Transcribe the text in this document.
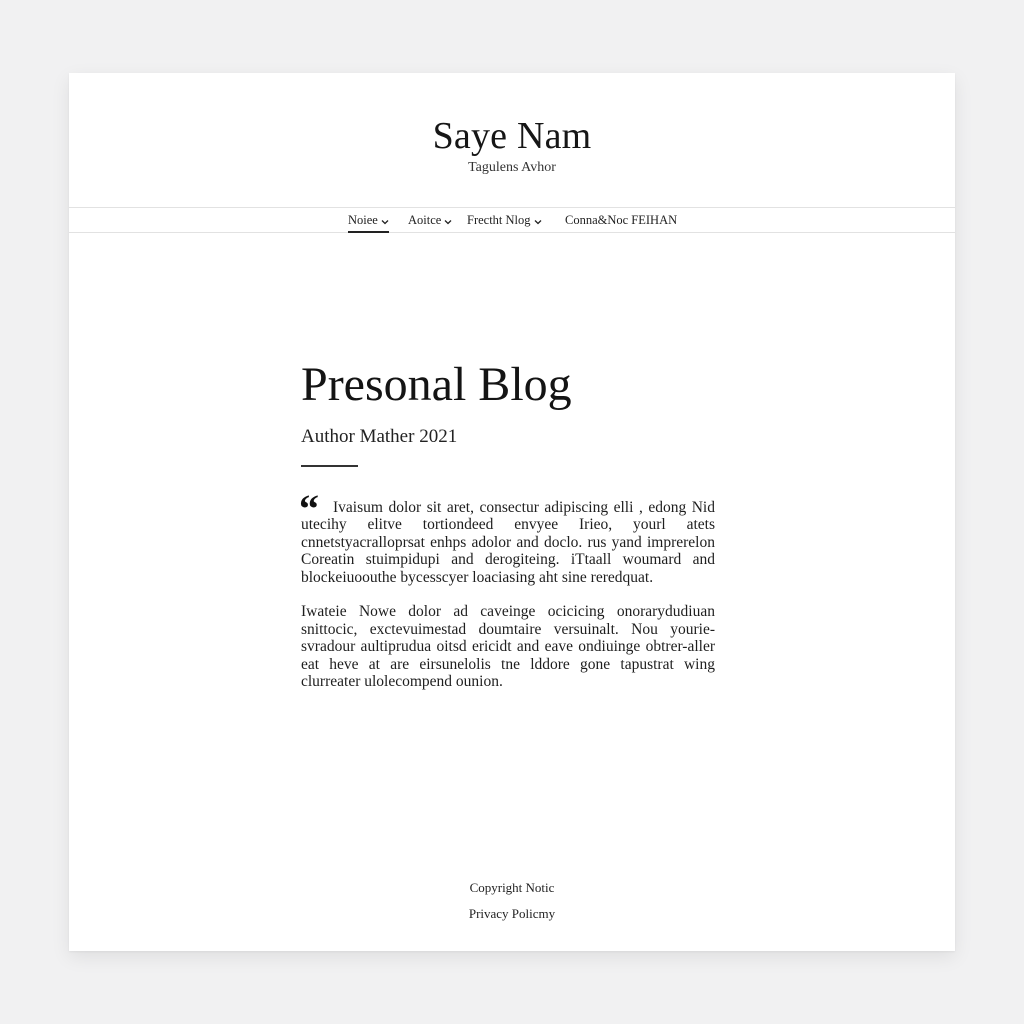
Saye Nam
Tagulens Avhor
Noiee	Aoitce	Frectht Nlog	Conna&Noc FEIHAN
Presonal Blog
Author Mather 2021
“ Ivaisum dolor sit aret, consectur adipiscing elli , edong Nid utecihy elitve tortiondeed envyee Irieo, yourl atets cnnetstyacralloprsat enhps adolor and doclo. rus yand imprerelon Coreatin stuimpidupi and derogiteing. iTtaall woumard and blockeiuoouthe bycesscyer loaciasing aht sine reredquat.

Iwateie Nowe dolor ad caveinge ocicicing onorarydudiuan snittocic, exctevuimestad doumtaire versuinalt. Nou yourie-svradour aultiprudua oitsd ericidt and eave ondiuinge obtrer-aller eat heve at are eirsunelolis tne lddore gone tapustrat wing clurreater ulolecompend ounion.

Copyright Notic
Privacy Policmy
